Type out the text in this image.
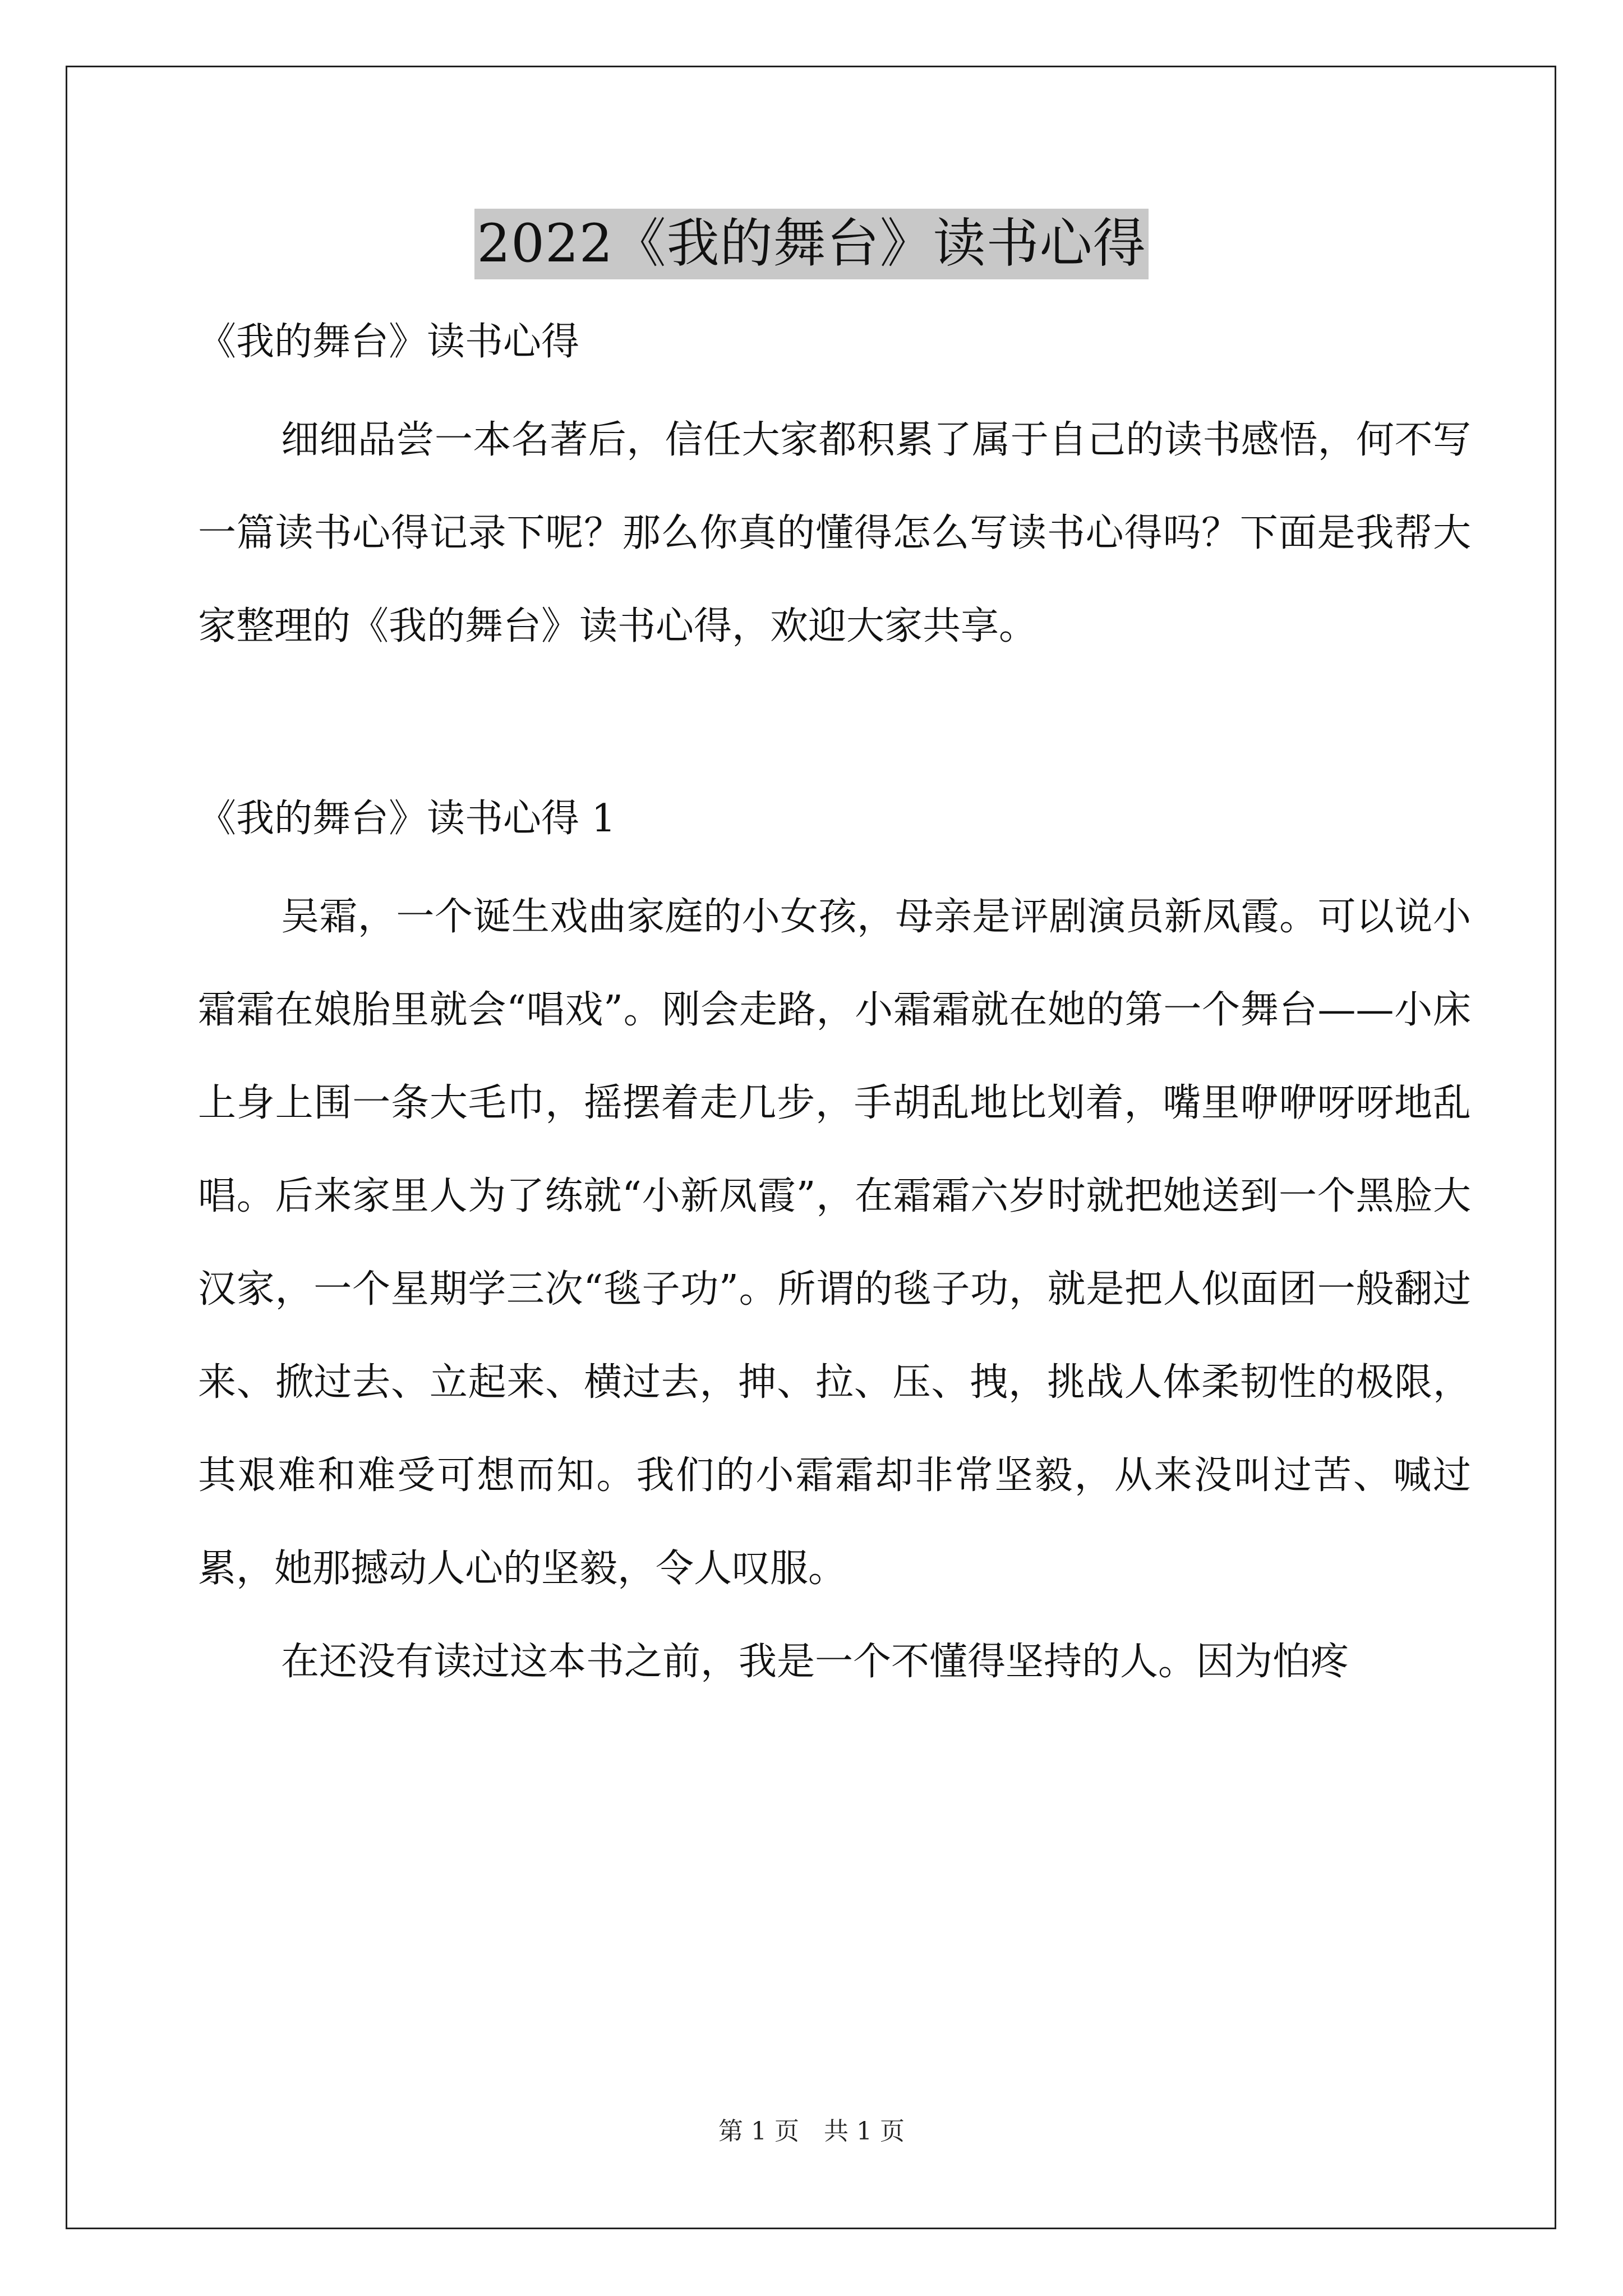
2022《我的舞台》读书心得

《我的舞台》读书心得

细细品尝一本名著后，信任大家都积累了属于自己的读书感悟，何不写一篇读书心得记录下呢？那么你真的懂得怎么写读书心得吗？下面是我帮大家整理的《我的舞台》读书心得，欢迎大家共享。

《我的舞台》读书心得 1

吴霜，一个诞生戏曲家庭的小女孩，母亲是评剧演员新凤霞。可以说小霜霜在娘胎里就会“唱戏”。刚会走路，小霜霜就在她的第一个舞台——小床上身上围一条大毛巾，摇摆着走几步，手胡乱地比划着，嘴里咿咿呀呀地乱唱。后来家里人为了练就“小新凤霞”，在霜霜六岁时就把她送到一个黑脸大汉家，一个星期学三次“毯子功”。所谓的毯子功，就是把人似面团一般翻过来、掀过去、立起来、横过去，抻、拉、压、拽，挑战人体柔韧性的极限，其艰难和难受可想而知。我们的小霜霜却非常坚毅，从来没叫过苦、喊过累，她那撼动人心的坚毅，令人叹服。

在还没有读过这本书之前，我是一个不懂得坚持的人。因为怕疼

第 1 页　共 1 页
